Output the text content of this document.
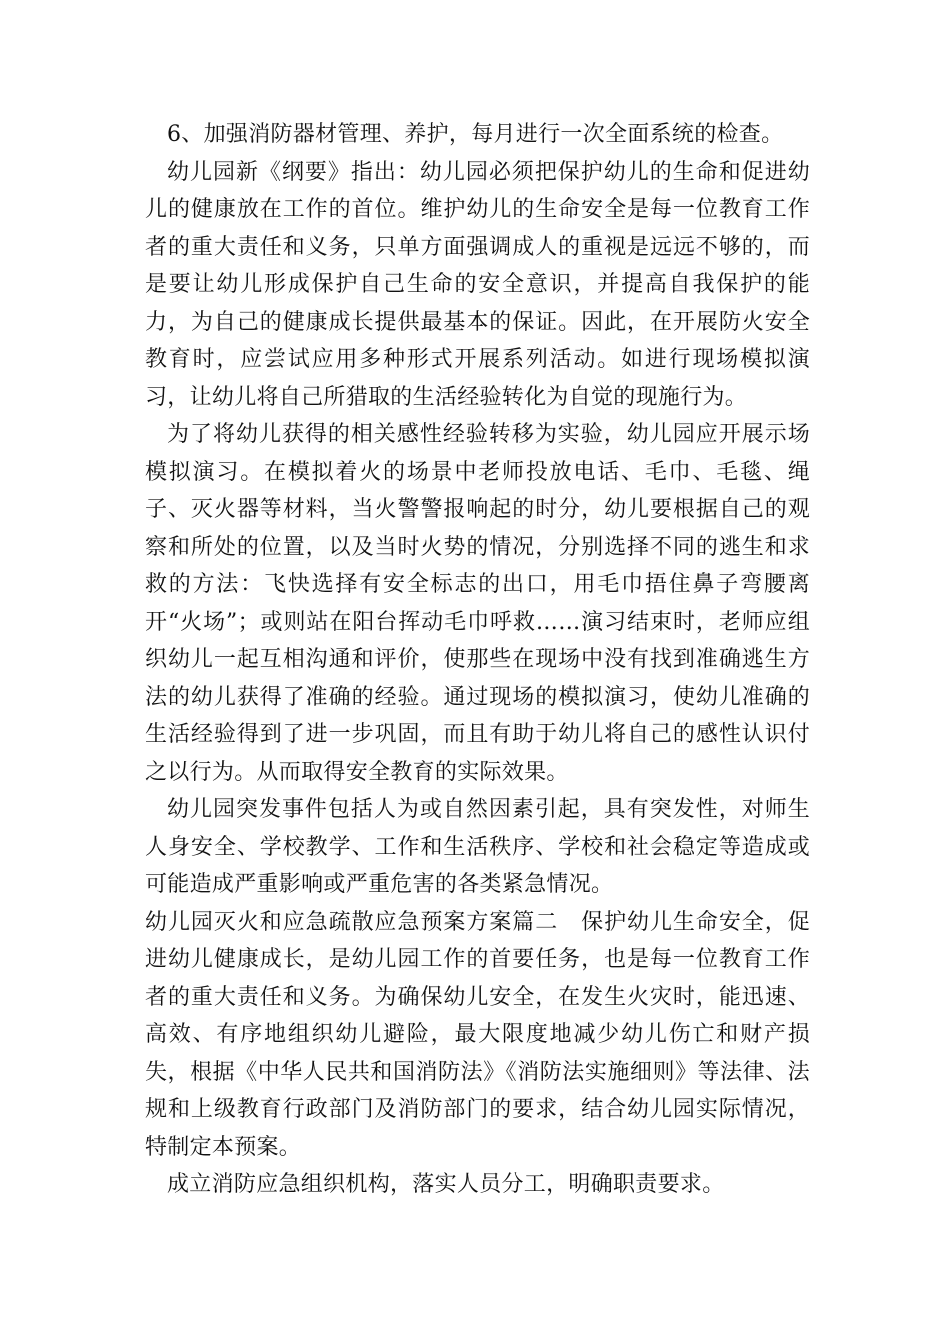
6、加强消防器材管理、养护，每月进行一次全面系统的检查。

幼儿园新《纲要》指出：幼儿园必须把保护幼儿的生命和促进幼儿的健康放在工作的首位。维护幼儿的生命安全是每一位教育工作者的重大责任和义务，只单方面强调成人的重视是远远不够的，而是要让幼儿形成保护自己生命的安全意识，并提高自我保护的能力，为自己的健康成长提供最基本的保证。因此，在开展防火安全教育时，应尝试应用多种形式开展系列活动。如进行现场模拟演习，让幼儿将自己所猎取的生活经验转化为自觉的现施行为。

为了将幼儿获得的相关感性经验转移为实验，幼儿园应开展示场模拟演习。在模拟着火的场景中老师投放电话、毛巾、毛毯、绳子、灭火器等材料，当火警警报响起的时分，幼儿要根据自己的观察和所处的位置，以及当时火势的情况，分别选择不同的逃生和求救的方法：飞快选择有安全标志的出口，用毛巾捂住鼻子弯腰离开“火场”；或则站在阳台挥动毛巾呼救……演习结束时，老师应组织幼儿一起互相沟通和评价，使那些在现场中没有找到准确逃生方法的幼儿获得了准确的经验。通过现场的模拟演习，使幼儿准确的生活经验得到了进一步巩固，而且有助于幼儿将自己的感性认识付之以行为。从而取得安全教育的实际效果。

幼儿园突发事件包括人为或自然因素引起，具有突发性，对师生人身安全、学校教学、工作和生活秩序、学校和社会稳定等造成或可能造成严重影响或严重危害的各类紧急情况。

幼儿园灭火和应急疏散应急预案方案篇二　保护幼儿生命安全，促进幼儿健康成长，是幼儿园工作的首要任务，也是每一位教育工作者的重大责任和义务。为确保幼儿安全，在发生火灾时，能迅速、高效、有序地组织幼儿避险，最大限度地减少幼儿伤亡和财产损失，根据《中华人民共和国消防法》《消防法实施细则》等法律、法规和上级教育行政部门及消防部门的要求，结合幼儿园实际情况，特制定本预案。

成立消防应急组织机构，落实人员分工，明确职责要求。
